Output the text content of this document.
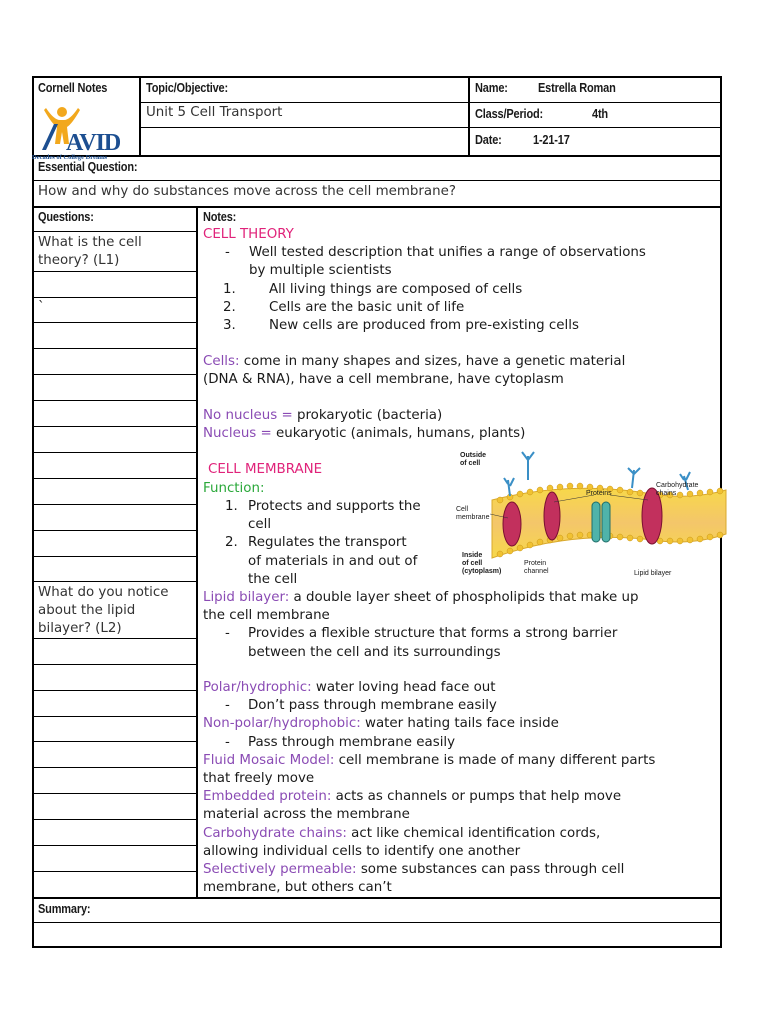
Cornell Notes	Topic/Objective:
Unit 5 Cell Transport
Name: Estrella Roman
Class/Period:	4th
Date:	1-21-17
AVID
Decades of College Dreams
Essential Question:
How and why do substances move across the cell membrane?
Questions:
What is the cell
theory? (L1)
`
What do you notice
about the lipid
bilayer? (L2)
Notes:

CELL THEORY

-	Well tested description that unifies a range of observations

by multiple scientists

1.	All living things are composed of cells

2.	Cells are the basic unit of life

3.	New cells are produced from pre-existing cells

Cells: come in many shapes and sizes, have a genetic material
(DNA & RNA), have a cell membrane, have cytoplasm
No nucleus = prokaryotic (bacteria)
Nucleus = eukaryotic (animals, humans, plants)
CELL MEMBRANE
Function:
1. Protects and supports the
cell
2. Regulates the transport
of materials in and out of
the cell
Lipid bilayer: a double layer sheet of phospholipids that make up
the cell membrane
- Provides a flexible structure that forms a strong barrier
between the cell and its surroundings
Polar/hydrophic: water loving head face out
- Don’t pass through membrane easily
Non-polar/hydrophobic: water hating tails face inside
- Pass through membrane easily
Fluid Mosaic Model: cell membrane is made of many different parts
that freely move
Embedded protein: acts as channels or pumps that help move
material across the membrane
Carbohydrate chains: act like chemical identification cords,
allowing individual cells to identify one another
Selectively permeable: some substances can pass through cell
membrane, but others can’t
Outside
of cell
Carbohydrate
chains
Proteins
Cell
membrane
Inside
of cell
(cytoplasm)
Protein
channel	Lipid bilayer
Summary:
